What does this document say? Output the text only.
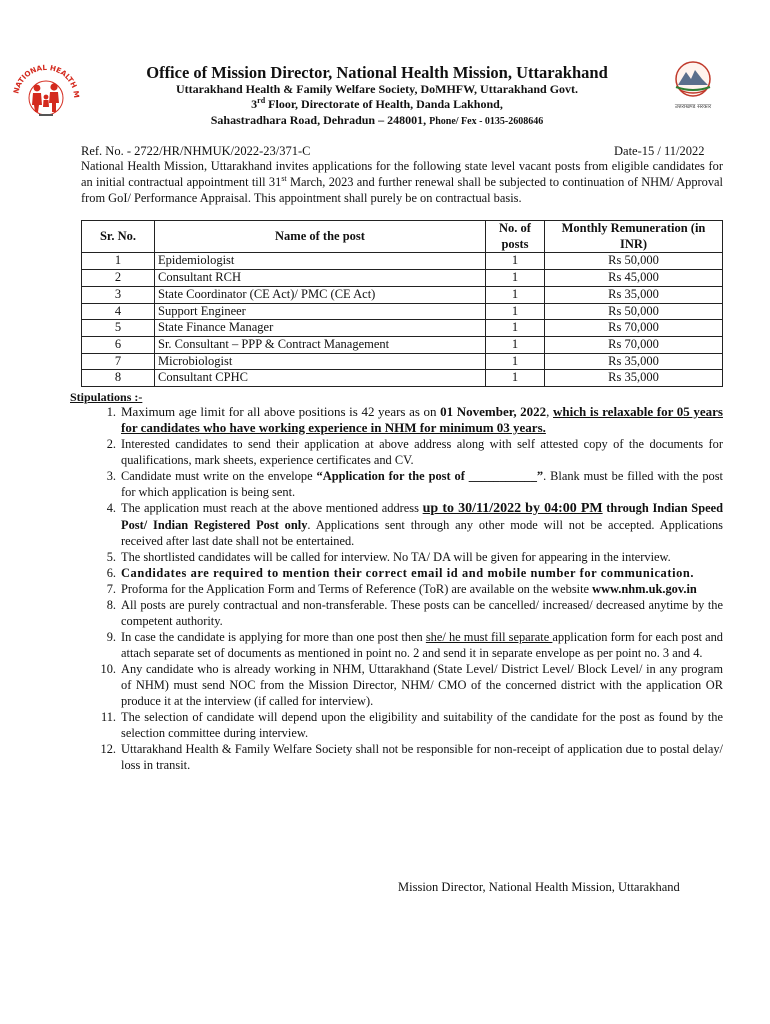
NATIONAL HEALTH M
उत्तराखण्ड सरकार
Office of Mission Director, National Health Mission, Uttarakhand
Uttarakhand Health & Family Welfare Society, DoMHFW, Uttarakhand Govt.
3rd Floor, Directorate of Health, Danda Lakhond,
Sahastradhara Road, Dehradun – 248001, Phone/ Fex - 0135-2608646
Ref. No. - 2722/HR/NHMUK/2022-23/371-C	Date-15 / 11/2022
National Health Mission, Uttarakhand invites applications for the following state level vacant posts from eligible candidates for an initial contractual appointment till 31st March, 2023 and further renewal shall be subjected to continuation of NHM/ Approval from GoI/ Performance Appraisal. This appointment shall purely be on contractual basis.
Sr. No.	Name of the post	No. of posts	Monthly Remuneration (in INR)
1	Epidemiologist	1	Rs 50,000
2	Consultant RCH	1	Rs 45,000
3	State Coordinator (CE Act)/ PMC (CE Act)	1	Rs 35,000
4	Support Engineer	1	Rs 50,000
5	State Finance Manager	1	Rs 70,000
6	Sr. Consultant – PPP & Contract Management	1	Rs 70,000
7	Microbiologist	1	Rs 35,000
8	Consultant CPHC	1	Rs 35,000
Stipulations :-
1. Maximum age limit for all above positions is 42 years as on 01 November, 2022, which is relaxable for 05 years for candidates who have working experience in NHM for minimum 03 years.
2. Interested candidates to send their application at above address along with self attested copy of the documents for qualifications, mark sheets, experience certificates and CV.
3. Candidate must write on the envelope “Application for the post of ___________”. Blank must be filled with the post for which application is being sent.
4. The application must reach at the above mentioned address up to 30/11/2022 by 04:00 PM through Indian Speed Post/ Indian Registered Post only. Applications sent through any other mode will not be accepted. Applications received after last date shall not be entertained.
5. The shortlisted candidates will be called for interview. No TA/ DA will be given for appearing in the interview.
6. Candidates are required to mention their correct email id and mobile number for communication.
7. Proforma for the Application Form and Terms of Reference (ToR) are available on the website www.nhm.uk.gov.in
8. All posts are purely contractual and non-transferable. These posts can be cancelled/ increased/ decreased anytime by the competent authority.
9. In case the candidate is applying for more than one post then she/ he must fill separate application form for each post and attach separate set of documents as mentioned in point no. 2 and send it in separate envelope as per point no. 3 and 4.
10. Any candidate who is already working in NHM, Uttarakhand (State Level/ District Level/ Block Level/ in any program of NHM) must send NOC from the Mission Director, NHM/ CMO of the concerned district with the application OR produce it at the interview (if called for interview).
11. The selection of candidate will depend upon the eligibility and suitability of the candidate for the post as found by the selection committee during interview.
12. Uttarakhand Health & Family Welfare Society shall not be responsible for non-receipt of application due to postal delay/ loss in transit.
Mission Director, National Health Mission, Uttarakhand
